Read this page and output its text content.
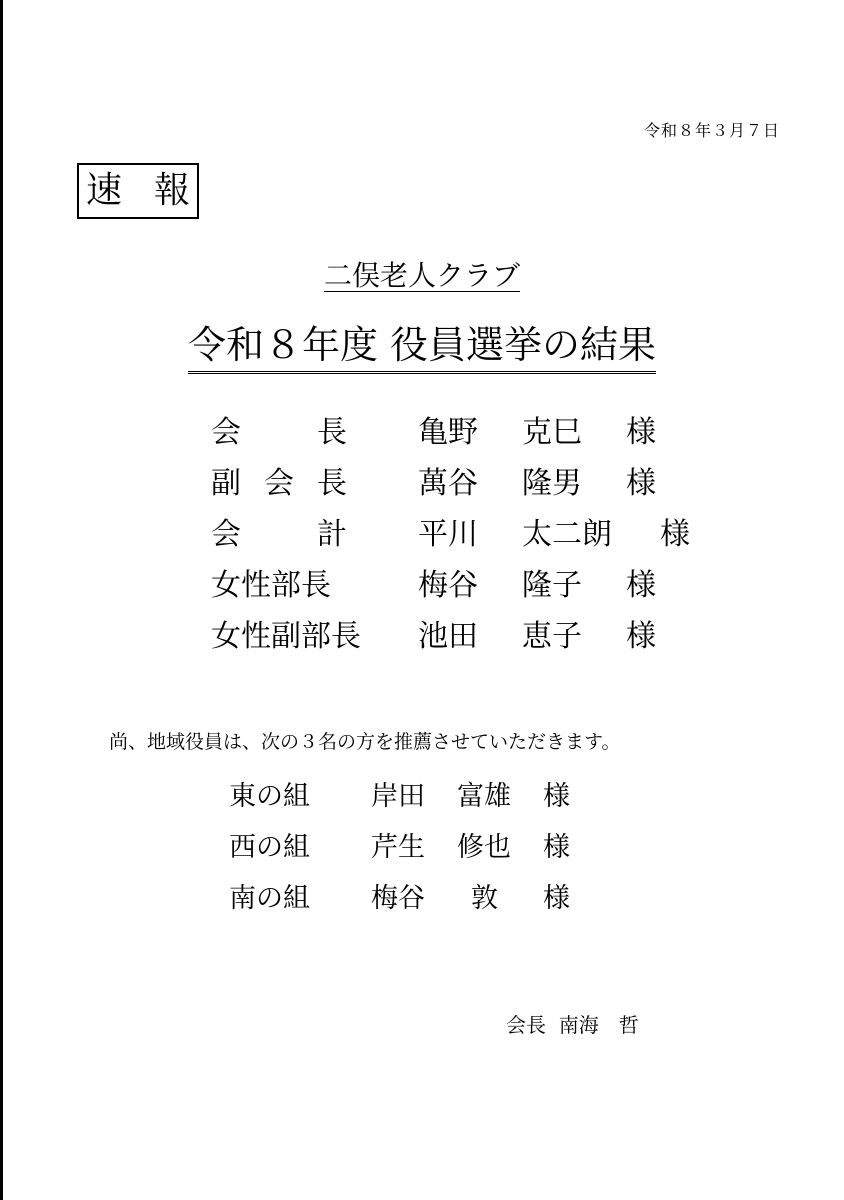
令和８年３月７日
速 報
二俣老人クラブ
令和８年度 役員選挙の結果
会	長 亀野 克巳 様
副 会 長 萬谷 隆男 様
会	計 平川 太二朗 様
女性部長	梅谷 隆子 様
女性副部長 池田 恵子 様
尚、地域役員は、次の３名の方を推薦させていただきます。
東の組 岸田 富雄 様
西の組 芹生 修也 様
南の組 梅谷 敦 様
会長 南海　哲
